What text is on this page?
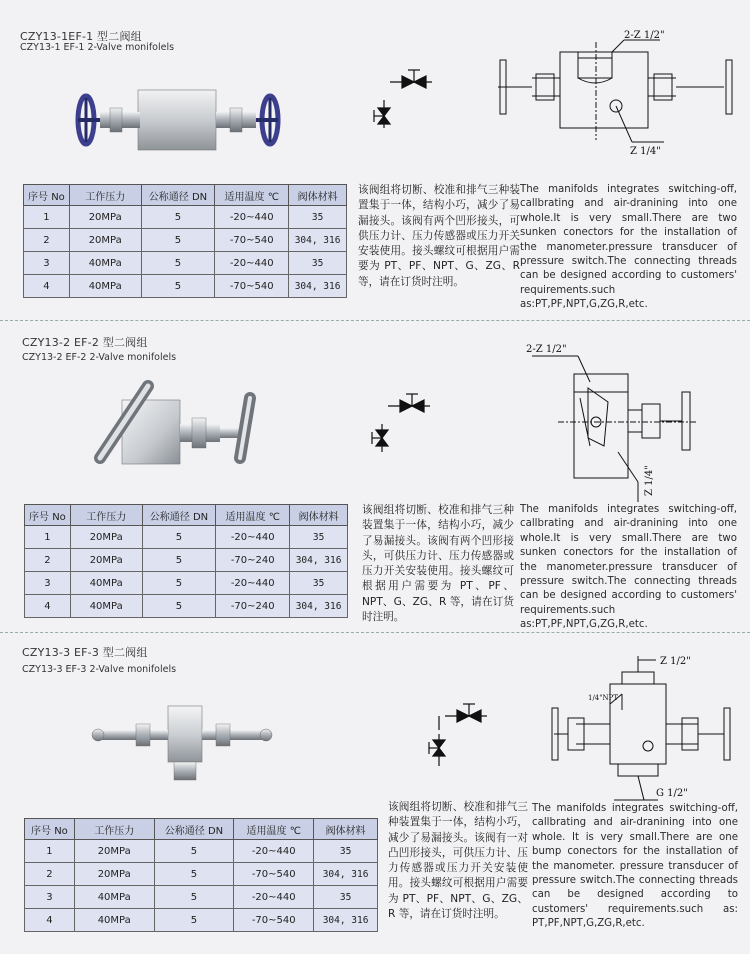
CZY13-1EF-1 型二阀组
CZY13-1 EF-1 2-Valve monifolels
2-Z 1/2"
Z 1/4"
序号 No	工作压力	公称通径 DN	适用温度 ℃	阀体材料
1	20MPa	5	-20~440	35
2	20MPa	5	-70~540	304, 316
3	40MPa	5	-20~440	35
4	40MPa	5	-70~540	304, 316
该阀组将切断、校准和排气三种装置集于一体，结构小巧，减少了易漏接头。该阀有两个凹形接头，可供压力计、压力传感器或压力开关安装使用。接头螺纹可根据用户需要为 PT、PF、NPT、G、ZG、R 等，请在订货时注明。
The manifolds integrates switching-off, callbrating and air-dranining into one whole.It is very small.There are two sunken conectors for the installation of the manometer.pressure transducer of pressure switch.The connecting threads can be designed according to customers' requirements.such as:PT,PF,NPT,G,ZG,R,etc.
CZY13-2 EF-2 型二阀组
CZY13-2 EF-2 2-Valve monifolels
2-Z 1/2"
Z 1/4"
序号 No	工作压力	公称通径 DN	适用温度 ℃	阀体材料
1	20MPa	5	-20~440	35
2	20MPa	5	-70~240	304, 316
3	40MPa	5	-20~440	35
4	40MPa	5	-70~240	304, 316
该阀组将切断、校准和排气三种装置集于一体，结构小巧，减少了易漏接头。该阀有两个凹形接头，可供压力计、压力传感器或压力开关安装使用。接头螺纹可根据用户需要为 PT、PF、NPT、G、ZG、R 等，请在订货时注明。
The manifolds integrates switching-off, callbrating and air-dranining into one whole.It is very small.There are two sunken conectors for the installation of the manometer.pressure transducer of pressure switch.The connecting threads can be designed according to customers' requirements.such as:PT,PF,NPT,G,ZG,R,etc.
CZY13-3 EF-3 型二阀组
CZY13-3 EF-3 2-Valve monifolels
Z 1/2"
G 1/2"
1/4"NPT
序号 No	工作压力	公称通径 DN	适用温度 ℃	阀体材料
1	20MPa	5	-20~440	35
2	20MPa	5	-70~540	304, 316
3	40MPa	5	-20~440	35
4	40MPa	5	-70~540	304, 316
该阀组将切断、校准和排气三种装置集于一体，结构小巧，减少了易漏接头。该阀有一对凸凹形接头，可供压力计、压力传感器或压力开关安装使用。接头螺纹可根据用户需要为 PT、PF、NPT、G、ZG、R 等，请在订货时注明。
The manifolds integrates switching-off, callbrating and air-dranining into one whole. It is very small.There are one bump conectors for the installation of the manometer. pressure transducer of pressure switch.The connecting threads can be designed according to customers' requirements.such as: PT,PF,NPT,G,ZG,R,etc.
